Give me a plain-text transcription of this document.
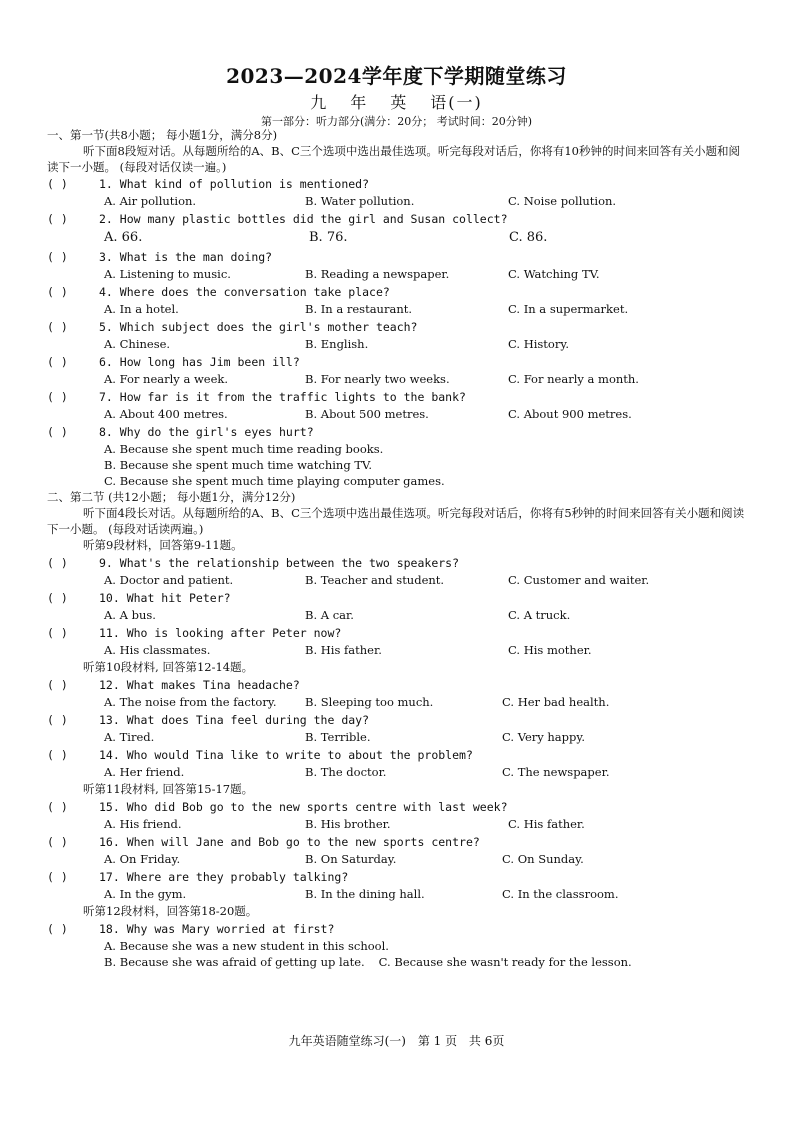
2023—2024学年度下学期随堂练习
九 年 英 语(一)
第一部分：听力部分(满分：20分； 考试时间：20分钟)
一、第一节(共8小题； 每小题1分，满分8分)
听下面8段短对话。从每题所给的A、B、C三个选项中选出最佳选项。听完每段对话后，你将有10秒钟的时间来回答有关小题和阅读下一小题。 (每段对话仅读一遍。)
( )	1. What kind of pollution is mentioned?
A. Air pollution.	B. Water pollution.	C. Noise pollution.
( )	2. How many plastic bottles did the girl and Susan collect?
A. 66.	B. 76.	C. 86.
( )	3. What is the man doing?
A. Listening to music.	B. Reading a newspaper.	C. Watching TV.
( )	4. Where does the conversation take place?
A. In a hotel.	B. In a restaurant.	C. In a supermarket.
( )	5. Which subject does the girl's mother teach?
A. Chinese.	B. English.	C. History.
( )	6. How long has Jim been ill?
A. For nearly a week.	B. For nearly two weeks.	C. For nearly a month.
( )	7. How far is it from the traffic lights to the bank?
A. About 400 metres.	B. About 500 metres.	C. About 900 metres.
( )	8. Why do the girl's eyes hurt?
A. Because she spent much time reading books.
B. Because she spent much time watching TV.
C. Because she spent much time playing computer games.
二、第二节 (共12小题； 每小题1分，满分12分)
听下面4段长对话。从每题所给的A、B、C三个选项中选出最佳选项。听完每段对话后，你将有5秒钟的时间来回答有关小题和阅读下一小题。 (每段对话读两遍。)
听第9段材料，回答第9-11题。
( )	9. What's the relationship between the two speakers?
A. Doctor and patient.	B. Teacher and student.	C. Customer and waiter.
( )	10. What hit Peter?
A. A bus.	B. A car.	C. A truck.
( )	11. Who is looking after Peter now?
A. His classmates.	B. His father.	C. His mother.
听第10段材料, 回答第12-14题。
( )	12. What makes Tina headache?
A. The noise from the factory. B. Sleeping too much.	C. Her bad health.
( )	13. What does Tina feel during the day?
A. Tired.	B. Terrible.	C. Very happy.
( )	14. Who would Tina like to write to about the problem?
A. Her friend.	B. The doctor.	C. The newspaper.
听第11段材料, 回答第15-17题。
( )	15. Who did Bob go to the new sports centre with last week?
A. His friend.	B. His brother.	C. His father.
( )	16. When will Jane and Bob go to the new sports centre?
A. On Friday.	B. On Saturday.	C. On Sunday.
( )	17. Where are they probably talking?
A. In the gym.	B. In the dining hall.	C. In the classroom.
听第12段材料，回答第18-20题。
( )	18. Why was Mary worried at first?
A. Because she was a new student in this school.
B. Because she was afraid of getting up late. C. Because she wasn't ready for the lesson.
九年英语随堂练习(一) 第 1 页 共 6页
